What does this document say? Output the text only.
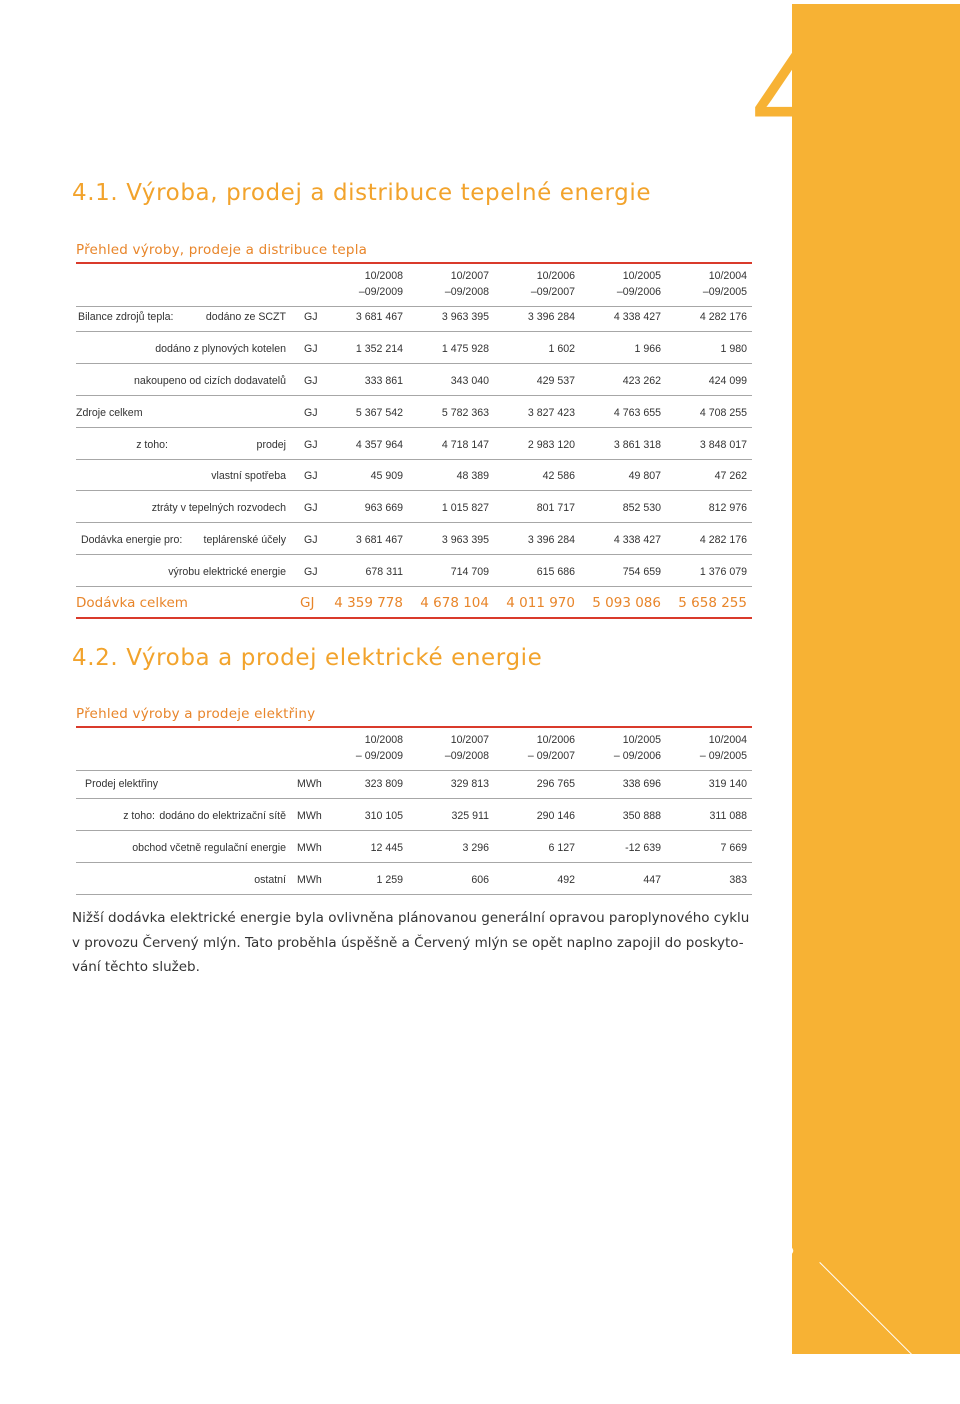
4
13
4.1. Výroba, prodej a distribuce tepelné energie
Přehled výroby, prodeje a distribuce tepla
10/2008
–09/2009
10/2007
–09/2008
10/2006
–09/2007
10/2005
–09/2006
10/2004
–09/2005
Bilance zdrojů tepla:	dodáno ze SCZT GJ	3 681 467	3 963 395	3 396 284	4 338 427	4 282 176
dodáno z plynových kotelen GJ	1 352 214	1 475 928	1 602	1 966	1 980
nakoupeno od cizích dodavatelů GJ	333 861	343 040	429 537	423 262	424 099
Zdroje celkem	GJ	5 367 542	5 782 363	3 827 423	4 763 655	4 708 255
z toho:	prodej GJ	4 357 964	4 718 147	2 983 120	3 861 318	3 848 017
vlastní spotřeba GJ	45 909	48 389	42 586	49 807	47 262
ztráty v tepelných rozvodech GJ	963 669	1 015 827	801 717	852 530	812 976
Dodávka energie pro:	teplárenské účely GJ	3 681 467	3 963 395	3 396 284	4 338 427	4 282 176
výrobu elektrické energie GJ	678 311	714 709	615 686	754 659	1 376 079
Dodávka celkem	GJ	4 359 778	4 678 104	4 011 970	5 093 086	5 658 255
4.2. Výroba a prodej elektrické energie
Přehled výroby a prodeje elektřiny
10/2008
– 09/2009
10/2007
–09/2008
10/2006
– 09/2007
10/2005
– 09/2006
10/2004
– 09/2005
Prodej elektřiny	MWh	323 809	329 813	296 765	338 696	319 140
z toho: dodáno do elektrizační sítě MWh	310 105	325 911	290 146	350 888	311 088
obchod včetně regulační energie MWh	12 445	3 296	6 127	-12 639	7 669
ostatní MWh	1 259	606	492	447	383
Nižší dodávka elektrické energie byla ovlivněna plánovanou generální opravou paroplynového cyklu
v provozu Červený mlýn. Tato proběhla úspěšně a Červený mlýn se opět naplno zapojil do poskyto-
vání těchto služeb.
